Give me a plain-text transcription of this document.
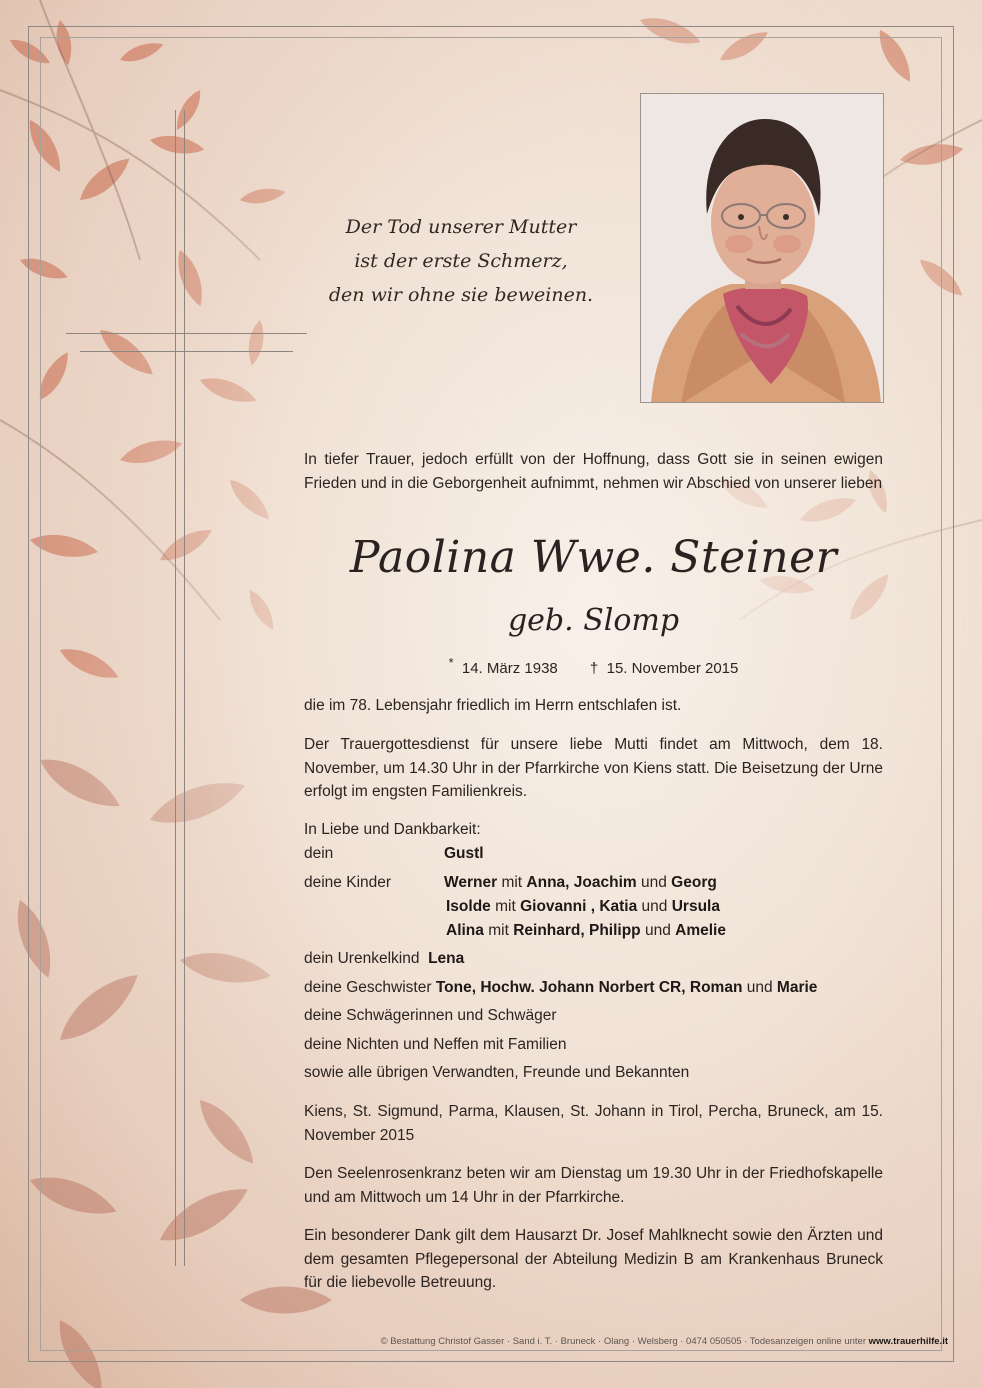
Der Tod unserer Mutter
ist der erste Schmerz,
den wir ohne sie beweinen.
In tiefer Trauer, jedoch erfüllt von der Hoffnung, dass Gott sie in seinen ewigen Frieden und in die Geborgenheit aufnimmt, nehmen wir Abschied von unserer lieben
Paolina Wwe. Steiner
geb. Slomp
* 14. März 1938 † 15. November 2015
die im 78. Lebensjahr friedlich im Herrn entschlafen ist.
Der Trauergottesdienst für unsere liebe Mutti findet am Mittwoch, dem 18. November, um 14.30 Uhr in der Pfarrkirche von Kiens statt. Die Beisetzung der Urne erfolgt im engsten Familienkreis.
In Liebe und Dankbarkeit:
dein	Gustl
deine Kinder	Werner mit Anna, Joachim und Georg
Isolde mit Giovanni , Katia und Ursula
Alina mit Reinhard, Philipp und Amelie
dein Urenkelkind Lena
deine Geschwister Tone, Hochw. Johann Norbert CR, Roman und Marie
deine Schwägerinnen und Schwäger
deine Nichten und Neffen mit Familien
sowie alle übrigen Verwandten, Freunde und Bekannten
Kiens, St. Sigmund, Parma, Klausen, St. Johann in Tirol, Percha, Bruneck, am 15. November 2015
Den Seelenrosenkranz beten wir am Dienstag um 19.30 Uhr in der Friedhofskapelle und am Mittwoch um 14 Uhr in der Pfarrkirche.
Ein besonderer Dank gilt dem Hausarzt Dr. Josef Mahlknecht sowie den Ärzten und dem gesamten Pflegepersonal der Abteilung Medizin B am Krankenhaus Bruneck für die liebevolle Betreuung.
© Bestattung Christof Gasser · Sand i. T. · Bruneck · Olang · Welsberg · 0474 050505 · Todesanzeigen online unter www.trauerhilfe.it
